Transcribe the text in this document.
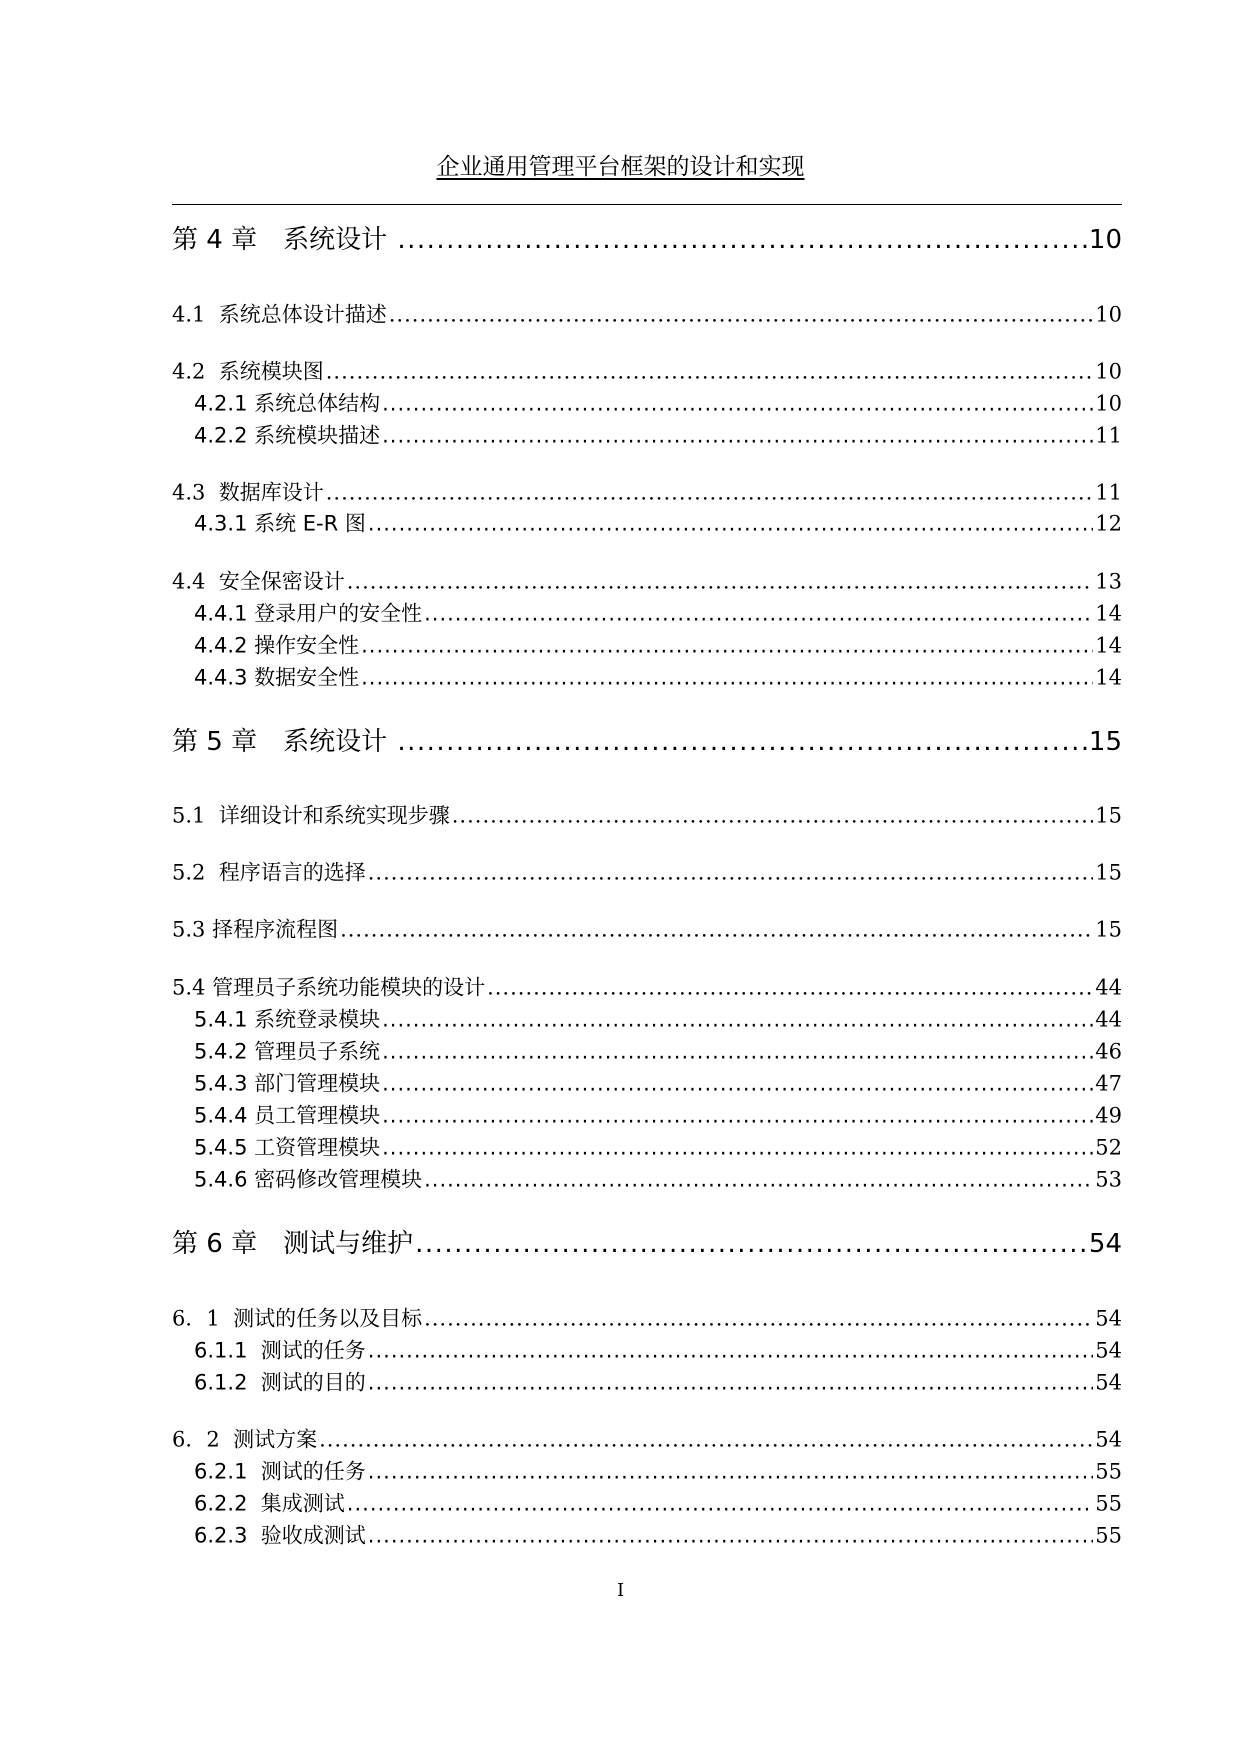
企业通用管理平台框架的设计和实现
第 4 章　系统设计 .....	10
4.1  系统总体设计描述 .....	10
4.2  系统模块图 .....	10
4.2.1 系统总体结构 .....	10
4.2.2 系统模块描述 .....	11
4.3  数据库设计 .....	11
4.3.1 系统 E-R 图 .....	12
4.4  安全保密设计 .....	13
4.4.1 登录用户的安全性 .....	14
4.4.2 操作安全性 .....	14
4.4.3 数据安全性 .....	14
第 5 章　系统设计 .....	15
5.1  详细设计和系统实现步骤 .....	15
5.2  程序语言的选择 .....	15
5.3 择程序流程图 .....	15
5.4 管理员子系统功能模块的设计 .....	44
5.4.1 系统登录模块 .....	44
5.4.2 管理员子系统 .....	46
5.4.3 部门管理模块 .....	47
5.4.4 员工管理模块 .....	49
5.4.5 工资管理模块 .....	52
5.4.6 密码修改管理模块 .....	53
第 6 章　测试与维护 .....	54
6．1  测试的任务以及目标 .....	54
6.1.1  测试的任务 .....	54
6.1.2  测试的目的 .....	54
6．2  测试方案 .....	54
6.2.1  测试的任务 .....	55
6.2.2  集成测试 .....	55
6.2.3  验收成测试 .....	55
I
